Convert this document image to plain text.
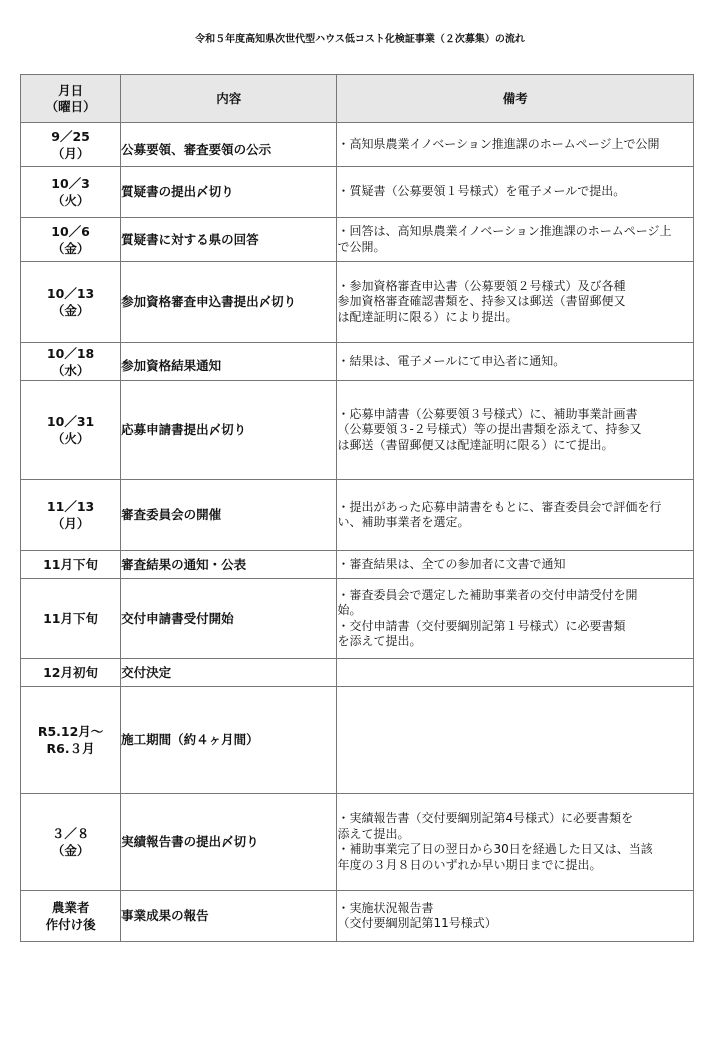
令和５年度高知県次世代型ハウス低コスト化検証事業（２次募集）の流れ
月日
（曜日）	内容	備考

9／25
（月）	公募要領、審査要領の公示	・高知県農業イノベーション推進課のホームページ上で公開

10／3
（火）	質疑書の提出〆切り	・質疑書（公募要領１号様式）を電子メールで提出。

10／6
（金）	質疑書に対する県の回答	・回答は、高知県農業イノベーション推進課のホームページ上
で公開。

10／13
（金）	参加資格審査申込書提出〆切り	・参加資格審査申込書（公募要領２号様式）及び各種
参加資格審査確認書類を、持参又は郵送（書留郵便又
は配達証明に限る）により提出。

10／18
（水）	参加資格結果通知	・結果は、電子メールにて申込者に通知。

10／31
（火）	応募申請書提出〆切り	・応募申請書（公募要領３号様式）に、補助事業計画書
（公募要領３-２号様式）等の提出書類を添えて、持参又
は郵送（書留郵便又は配達証明に限る）にて提出。

11／13
（月）	審査委員会の開催	・提出があった応募申請書をもとに、審査委員会で評価を行
い、補助事業者を選定。

11月下旬	審査結果の通知・公表	・審査結果は、全ての参加者に文書で通知

11月下旬	交付申請書受付開始	・審査委員会で選定した補助事業者の交付申請受付を開
始。
・交付申請書（交付要綱別記第１号様式）に必要書類
を添えて提出。

12月初旬	交付決定	

R5.12月～
R6.３月	施工期間（約４ヶ月間）	

３／８
（金）	実績報告書の提出〆切り	・実績報告書（交付要綱別記第4号様式）に必要書類を
添えて提出。
・補助事業完了日の翌日から30日を経過した日又は、当該
年度の３月８日のいずれか早い期日までに提出。

農業者
作付け後	事業成果の報告	・実施状況報告書
（交付要綱別記第11号様式）
